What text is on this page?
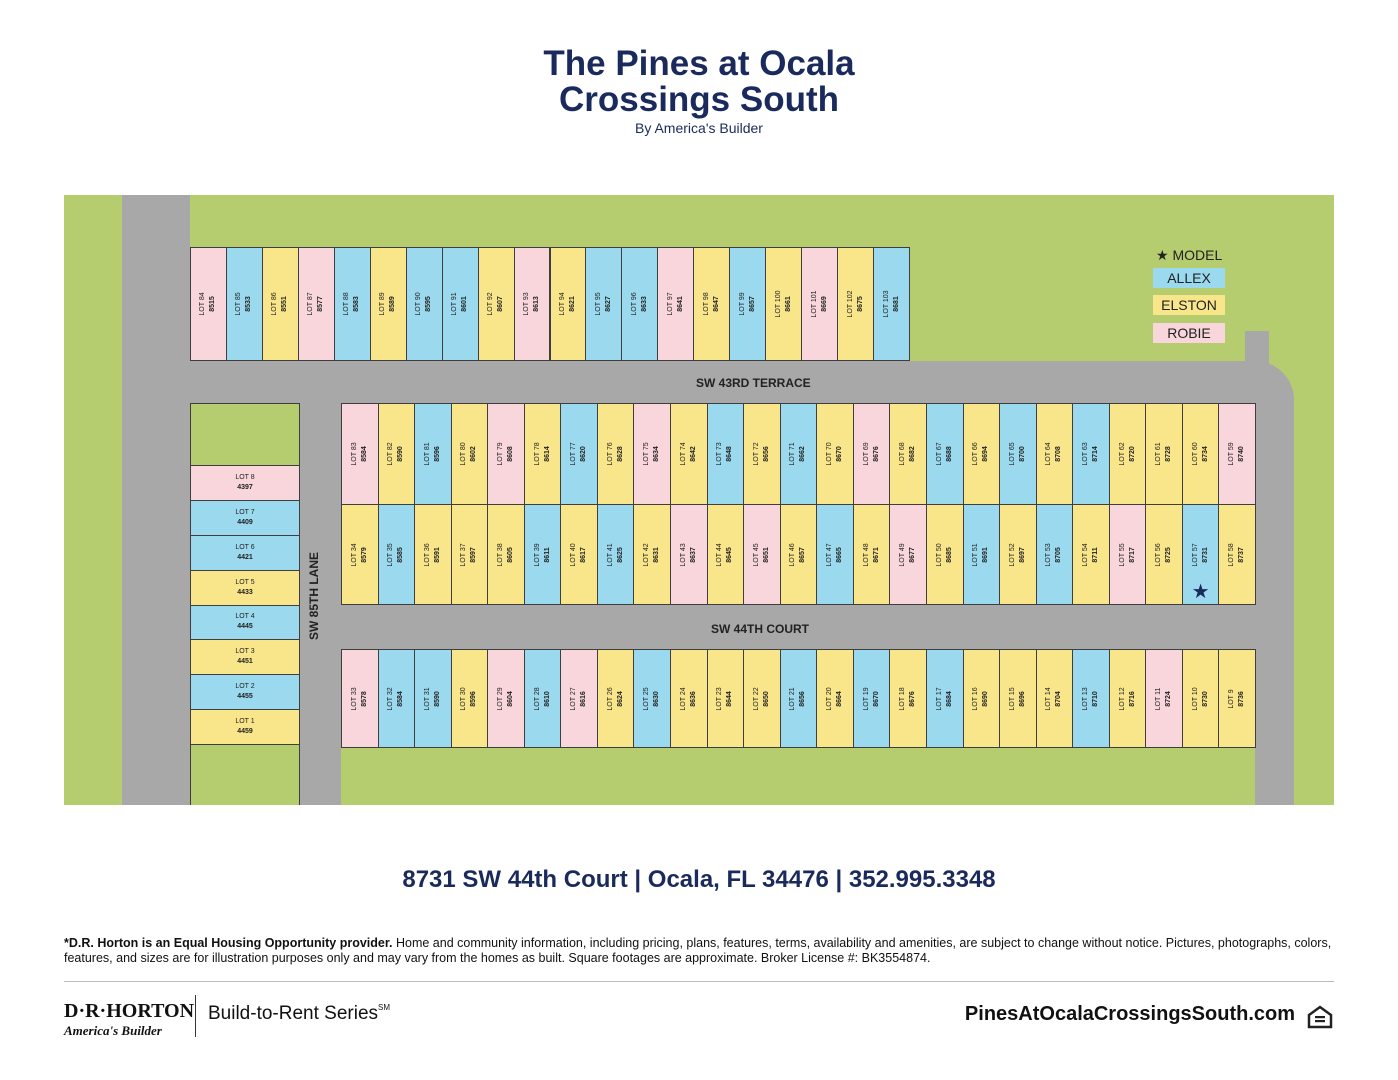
The Pines at Ocala
Crossings South
By America's Builder
LOT 84 8515	LOT 85 8533	LOT 86 8551	LOT 87 8577	LOT 88 8583	LOT 89 8589	LOT 90 8595	LOT 91 8601	LOT 92 8607	LOT 93 8613	LOT 94 8621	LOT 95 8627	LOT 96 8633	LOT 97 8641	LOT 98 8647	LOT 99 8657	LOT 100 8661	LOT 101 8669	LOT 102 8675	LOT 103 8681
LOT 83 8584	LOT 82 8590	LOT 81 8596	LOT 80 8602	LOT 79 8608	LOT 78 8614	LOT 77 8620	LOT 76 8628	LOT 75 8634	LOT 74 8642	LOT 73 8648	LOT 72 8656	LOT 71 8662	LOT 70 8670	LOT 69 8676	LOT 68 8682	LOT 67 8688	LOT 66 8694	LOT 65 8700	LOT 64 8708	LOT 63 8714	LOT 62 8720	LOT 61 8728	LOT 60 8734	LOT 59 8740
LOT 34 8579	LOT 35 8585	LOT 36 8591	LOT 37 8597	LOT 38 8605	LOT 39 8611	LOT 40 8617	LOT 41 8625	LOT 42 8631	LOT 43 8637	LOT 44 8645	LOT 45 8651	LOT 46 8657	LOT 47 8665	LOT 48 8671	LOT 49 8677	LOT 50 8685	LOT 51 8691	LOT 52 8697	LOT 53 8705	LOT 54 8711	LOT 55 8717	LOT 56 8725	LOT 57 8731
★
LOT 58 8737
LOT 33 8578	LOT 32 8584	LOT 31 8590	LOT 30 8596	LOT 29 8604	LOT 28 8610	LOT 27 8616	LOT 26 8624	LOT 25 8630	LOT 24 8636	LOT 23 8644	LOT 22 8650	LOT 21 8656	LOT 20 8664	LOT 19 8670	LOT 18 8676	LOT 17 8684	LOT 16 8690	LOT 15 8696	LOT 14 8704	LOT 13 8710	LOT 12 8716	LOT 11 8724	LOT 10 8730	LOT 9 8736
LOT 8
4397
LOT 7
4409
LOT 6
4421
LOT 5
4433
LOT 4
4445
LOT 3
4451
LOT 2
4455
LOT 1
4459
SW 43RD TERRACE
SW 44TH COURT
SW 85TH LANE
★ MODEL
ALLEX
ELSTON
ROBIE
8731 SW 44th Court | Ocala, FL 34476 | 352.995.3348
*D.R. Horton is an Equal Housing Opportunity provider. Home and community information, including pricing, plans, features, terms, availability and amenities, are subject to change without notice. Pictures, photographs, colors, features, and sizes are for illustration purposes only and may vary from the homes as built. Square footages are approximate. Broker License #: BK3554874.
D·R·HORTON
America's Builder
Build-to-Rent Series℠	PinesAtOcalaCrossingsSouth.com
